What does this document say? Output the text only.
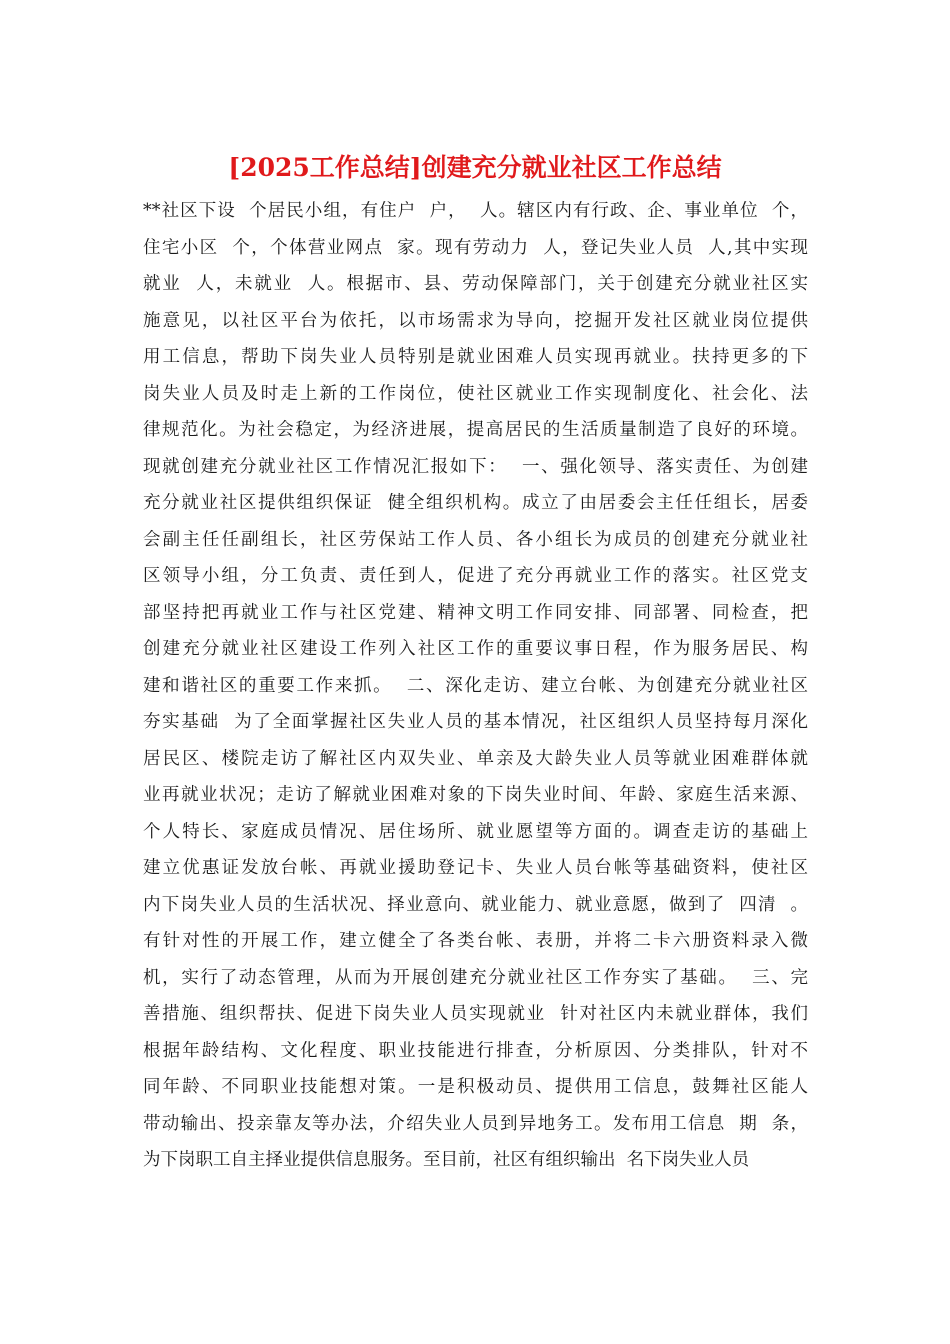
[2025工作总结]创建充分就业社区工作总结
**社区下设  个居民小组，有住户  户，  人。辖区内有行政、企、事业单位  个，
住宅小区  个，个体营业网点  家。现有劳动力  人，登记失业人员  人,其中实现
就业  人，未就业  人。根据市、县、劳动保障部门，关于创建充分就业社区实
施意见，以社区平台为依托，以市场需求为导向，挖掘开发社区就业岗位提供
用工信息，帮助下岗失业人员特别是就业困难人员实现再就业。扶持更多的下
岗失业人员及时走上新的工作岗位，使社区就业工作实现制度化、社会化、法
律规范化。为社会稳定，为经济进展，提高居民的生活质量制造了良好的环境。
现就创建充分就业社区工作情况汇报如下：  一、强化领导、落实责任、为创建
充分就业社区提供组织保证  健全组织机构。成立了由居委会主任任组长，居委
会副主任任副组长，社区劳保站工作人员、各小组长为成员的创建充分就业社
区领导小组，分工负责、责任到人，促进了充分再就业工作的落实。社区党支
部坚持把再就业工作与社区党建、精神文明工作同安排、同部署、同检查，把
创建充分就业社区建设工作列入社区工作的重要议事日程，作为服务居民、构
建和谐社区的重要工作来抓。  二、深化走访、建立台帐、为创建充分就业社区
夯实基础  为了全面掌握社区失业人员的基本情况，社区组织人员坚持每月深化
居民区、楼院走访了解社区内双失业、单亲及大龄失业人员等就业困难群体就
业再就业状况；走访了解就业困难对象的下岗失业时间、年龄、家庭生活来源、
个人特长、家庭成员情况、居住场所、就业愿望等方面的。调查走访的基础上
建立优惠证发放台帐、再就业援助登记卡、失业人员台帐等基础资料，使社区
内下岗失业人员的生活状况、择业意向、就业能力、就业意愿，做到了  四清  。
有针对性的开展工作，建立健全了各类台帐、表册，并将二卡六册资料录入微
机，实行了动态管理，从而为开展创建充分就业社区工作夯实了基础。  三、完
善措施、组织帮扶、促进下岗失业人员实现就业  针对社区内未就业群体，我们
根据年龄结构、文化程度、职业技能进行排查，分析原因、分类排队，针对不
同年龄、不同职业技能想对策。一是积极动员、提供用工信息，鼓舞社区能人
带动输出、投亲靠友等办法，介绍失业人员到异地务工。发布用工信息  期  条，
为下岗职工自主择业提供信息服务。至目前，社区有组织输出  名下岗失业人员
